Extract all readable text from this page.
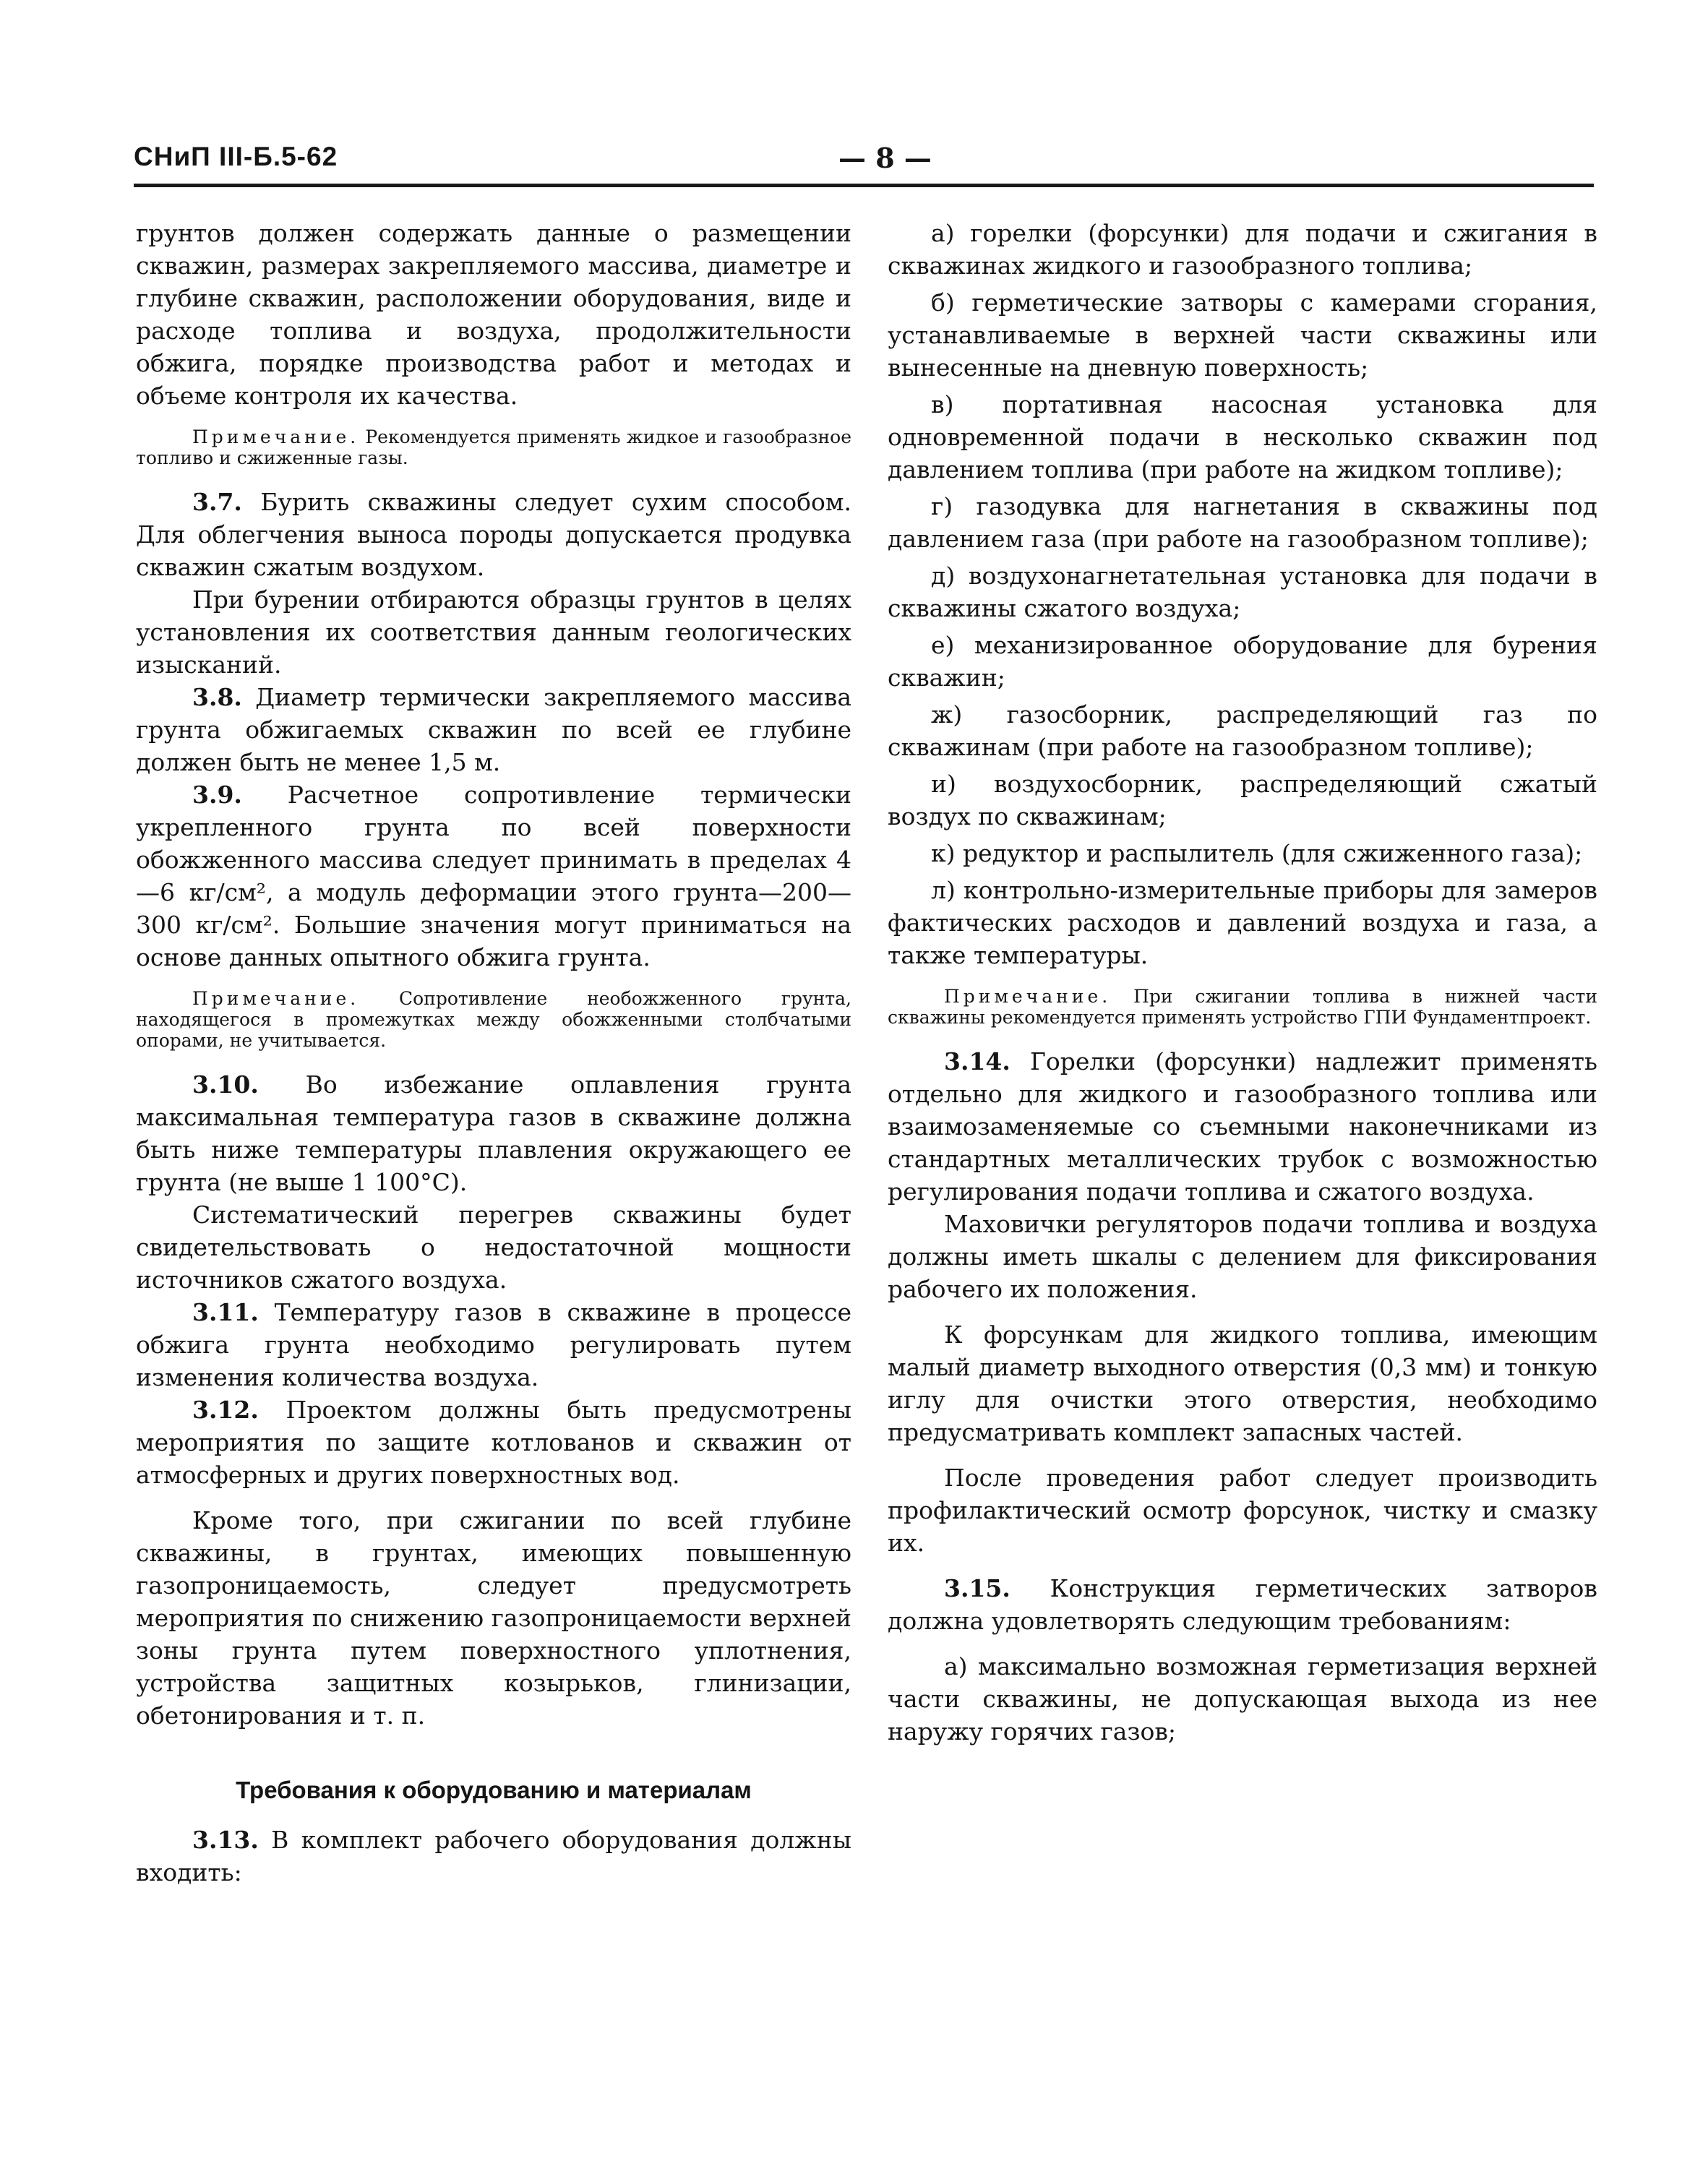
СНиП III-Б.5-62	— 8 —

грунтов должен содержать данные о размещении скважин, размерах закрепляемого массива, диаметре и глубине скважин, расположении оборудования, виде и расходе топлива и воздуха, продолжительности обжига, порядке производства работ и методах и объеме контроля их качества.

Примечание. Рекомендуется применять жидкое и газообразное топливо и сжиженные газы.

3.7. Бурить скважины следует сухим способом. Для облегчения выноса породы допускается продувка скважин сжатым воздухом.

При бурении отбираются образцы грунтов в целях установления их соответствия данным геологических изысканий.

3.8. Диаметр термически закрепляемого массива грунта обжигаемых скважин по всей ее глубине должен быть не менее 1,5 м.

3.9. Расчетное сопротивление термически укрепленного грунта по всей поверхности обожженного массива следует принимать в пределах 4—6 кг/см², а модуль деформации этого грунта—200—300 кг/см². Большие значения могут приниматься на основе данных опытного обжига грунта.

Примечание. Сопротивление необожженного грунта, находящегося в промежутках между обожженными столбчатыми опорами, не учитывается.

3.10. Во избежание оплавления грунта максимальная температура газов в скважине должна быть ниже температуры плавления окружающего ее грунта (не выше 1 100°С).

Систематический перегрев скважины будет свидетельствовать о недостаточной мощности источников сжатого воздуха.

3.11. Температуру газов в скважине в процессе обжига грунта необходимо регулировать путем изменения количества воздуха.

3.12. Проектом должны быть предусмотрены мероприятия по защите котлованов и скважин от атмосферных и других поверхностных вод.

Кроме того, при сжигании по всей глубине скважины, в грунтах, имеющих повышенную газопроницаемость, следует предусмотреть мероприятия по снижению газопроницаемости верхней зоны грунта путем поверхностного уплотнения, устройства защитных козырьков, глинизации, обетонирования и т. п.

Требования к оборудованию и материалам

3.13. В комплект рабочего оборудования должны входить:

а) горелки (форсунки) для подачи и сжигания в скважинах жидкого и газообразного топлива;

б) герметические затворы с камерами сгорания, устанавливаемые в верхней части скважины или вынесенные на дневную поверхность;

в) портативная насосная установка для одновременной подачи в несколько скважин под давлением топлива (при работе на жидком топливе);

г) газодувка для нагнетания в скважины под давлением газа (при работе на газообразном топливе);

д) воздухонагнетательная установка для подачи в скважины сжатого воздуха;

е) механизированное оборудование для бурения скважин;

ж) газосборник, распределяющий газ по скважинам (при работе на газообразном топливе);

и) воздухосборник, распределяющий сжатый воздух по скважинам;

к) редуктор и распылитель (для сжиженного газа);

л) контрольно-измерительные приборы для замеров фактических расходов и давлений воздуха и газа, а также температуры.

Примечание. При сжигании топлива в нижней части скважины рекомендуется применять устройство ГПИ Фундаментпроект.

3.14. Горелки (форсунки) надлежит применять отдельно для жидкого и газообразного топлива или взаимозаменяемые со съемными наконечниками из стандартных металлических трубок с возможностью регулирования подачи топлива и сжатого воздуха.

Маховички регуляторов подачи топлива и воздуха должны иметь шкалы с делением для фиксирования рабочего их положения.

К форсункам для жидкого топлива, имеющим малый диаметр выходного отверстия (0,3 мм) и тонкую иглу для очистки этого отверстия, необходимо предусматривать комплект запасных частей.

После проведения работ следует производить профилактический осмотр форсунок, чистку и смазку их.

3.15. Конструкция герметических затворов должна удовлетворять следующим требованиям:

а) максимально возможная герметизация верхней части скважины, не допускающая выхода из нее наружу горячих газов;
